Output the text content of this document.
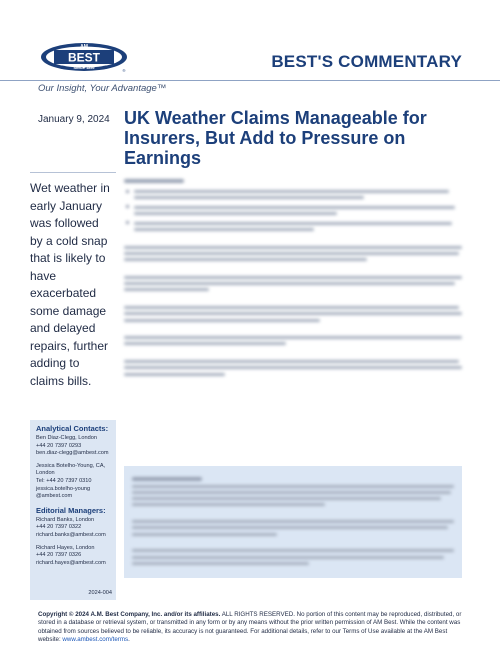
AM
BEST
SINCE 1899	®	BEST'S COMMENTARY
Our Insight, Your Advantage™
January 9, 2024 UK Weather Claims Manageable for Insurers, But Add to Pressure on Earnings
Wet weather in early January was followed by a cold snap that is likely to have exacerbated some damage and delayed repairs, further adding to claims bills.
Analytical Contacts:
Ben Diaz-Clegg, London
+44 20 7397 0293
ben.diaz-clegg@ambest.com
Jessica Botelho-Young, CA,
London
Tel: +44 20 7397 0310
jessica.botelho-young
@ambest.com
Editorial Managers:
Richard Banks, London
+44 20 7397 0322
richard.banks@ambest.com
Richard Hayes, London
+44 20 7397 0326
richard.hayes@ambest.com
2024-004
Copyright © 2024 A.M. Best Company, Inc. and/or its affiliates. ALL RIGHTS RESERVED. No portion of this content may be reproduced, distributed, or stored in a database or retrieval system, or transmitted in any form or by any means without the prior written permission of AM Best. While the content was obtained from sources believed to be reliable, its accuracy is not guaranteed. For additional details, refer to our Terms of Use available at the AM Best website: www.ambest.com/terms.
